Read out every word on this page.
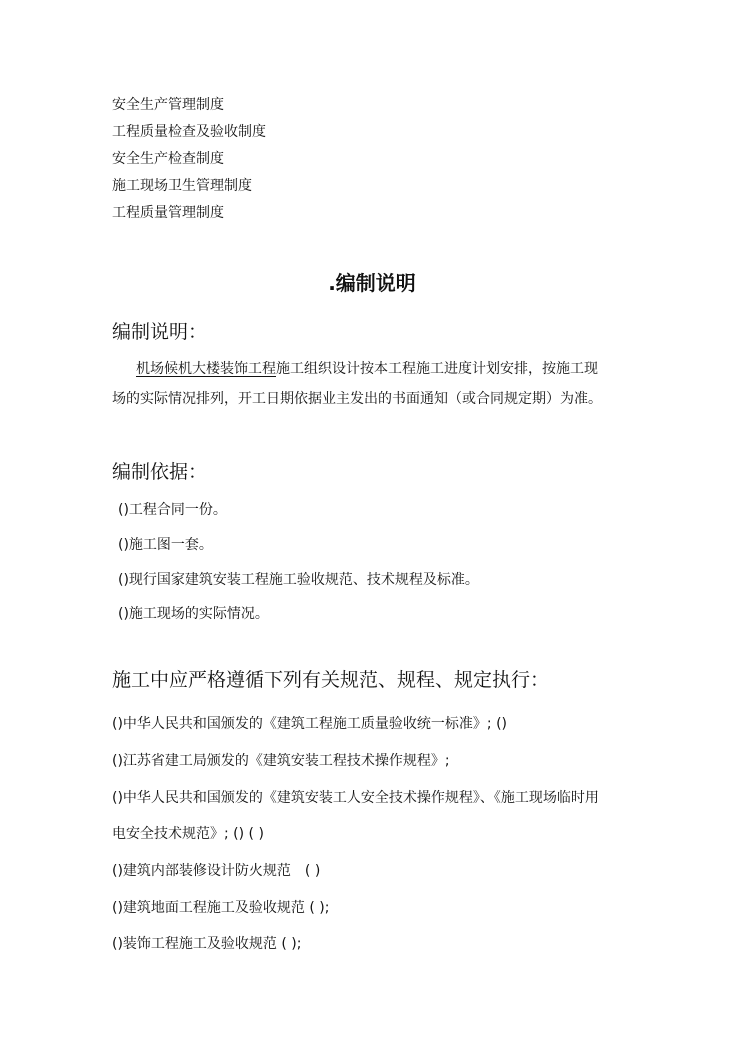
安全生产管理制度
工程质量检查及验收制度
安全生产检查制度
施工现场卫生管理制度
工程质量管理制度
.编制说明
编制说明：
机场候机大楼装饰工程施工组织设计按本工程施工进度计划安排，按施工现
场的实际情况排列，开工日期依据业主发出的书面通知（或合同规定期）为准。
编制依据：
()工程合同一份。
()施工图一套。
()现行国家建筑安装工程施工验收规范、技术规程及标准。
()施工现场的实际情况。
施工中应严格遵循下列有关规范、规程、规定执行：
()中华人民共和国颁发的《建筑工程施工质量验收统一标准》; ()
()江苏省建工局颁发的《建筑安装工程技术操作规程》;
()中华人民共和国颁发的《建筑安装工人安全技术操作规程》、《施工现场临时用
电安全技术规范》; () ( )
()建筑内部装修设计防火规范　( )
()建筑地面工程施工及验收规范 ( );
()装饰工程施工及验收规范 ( );
